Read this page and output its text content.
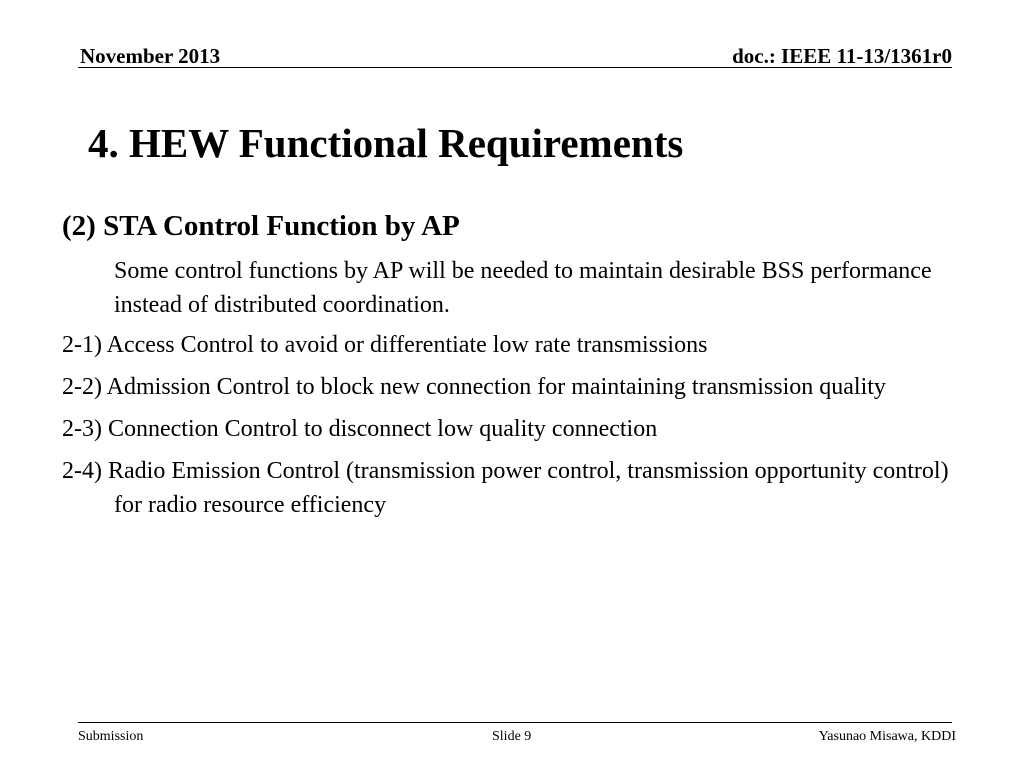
November 2013	doc.: IEEE 11-13/1361r0
4. HEW Functional Requirements
(2) STA Control Function by AP

Some control functions by AP will be needed to maintain desirable BSS performance instead of distributed coordination.

2-1) Access Control to avoid or differentiate low rate transmissions

2-2) Admission Control to block new connection for maintaining transmission quality

2-3) Connection Control to disconnect low quality connection

2-4) Radio Emission Control (transmission power control, transmission opportunity control) for radio resource efficiency

Submission	Slide 9	Yasunao Misawa, KDDI
